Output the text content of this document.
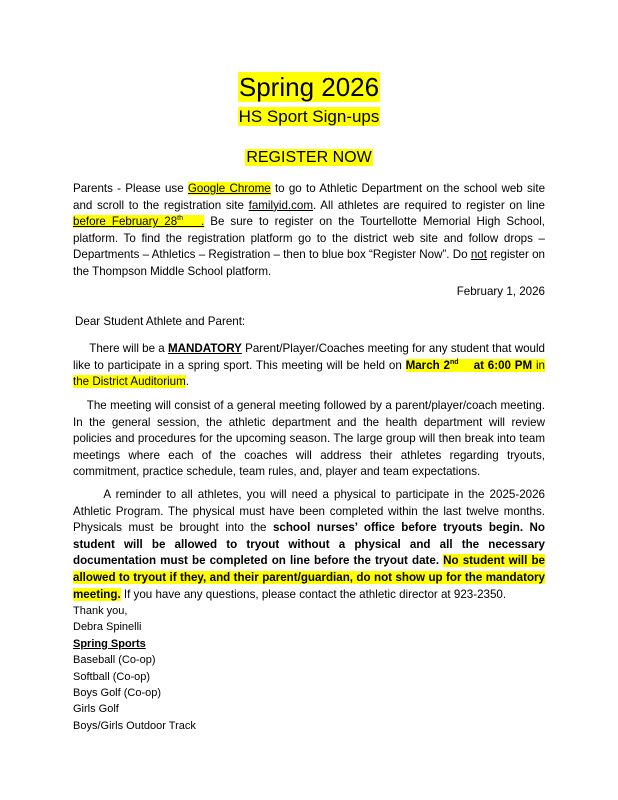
Spring 2026
HS Sport Sign-ups
REGISTER NOW
Parents - Please use Google Chrome to go to Athletic Department on the school web site and scroll to the registration site familyid.com. All athletes are required to register on line before February 28th   . Be sure to register on the Tourtellotte Memorial High School, platform. To find the registration platform go to the district web site and follow drops – Departments – Athletics – Registration – then to blue box “Register Now”. Do not register on the Thompson Middle School platform.
February 1, 2026
Dear Student Athlete and Parent:
There will be a MANDATORY Parent/Player/Coaches meeting for any student that would like to participate in a spring sport. This meeting will be held on March 2nd at 6:00 PM in the District Auditorium.
The meeting will consist of a general meeting followed by a parent/player/coach meeting. In the general session, the athletic department and the health department will review policies and procedures for the upcoming season. The large group will then break into team meetings where each of the coaches will address their athletes regarding tryouts, commitment, practice schedule, team rules, and, player and team expectations.
A reminder to all athletes, you will need a physical to participate in the 2025-2026 Athletic Program. The physical must have been completed within the last twelve months. Physicals must be brought into the school nurses’ office before tryouts begin. No student will be allowed to tryout without a physical and all the necessary documentation must be completed on line before the tryout date. No student will be allowed to tryout if they, and their parent/guardian, do not show up for the mandatory meeting. If you have any questions, please contact the athletic director at 923-2350.
Thank you,
Debra Spinelli
Spring Sports
Baseball (Co-op)
Softball (Co-op)
Boys Golf (Co-op)
Girls Golf
Boys/Girls Outdoor Track
